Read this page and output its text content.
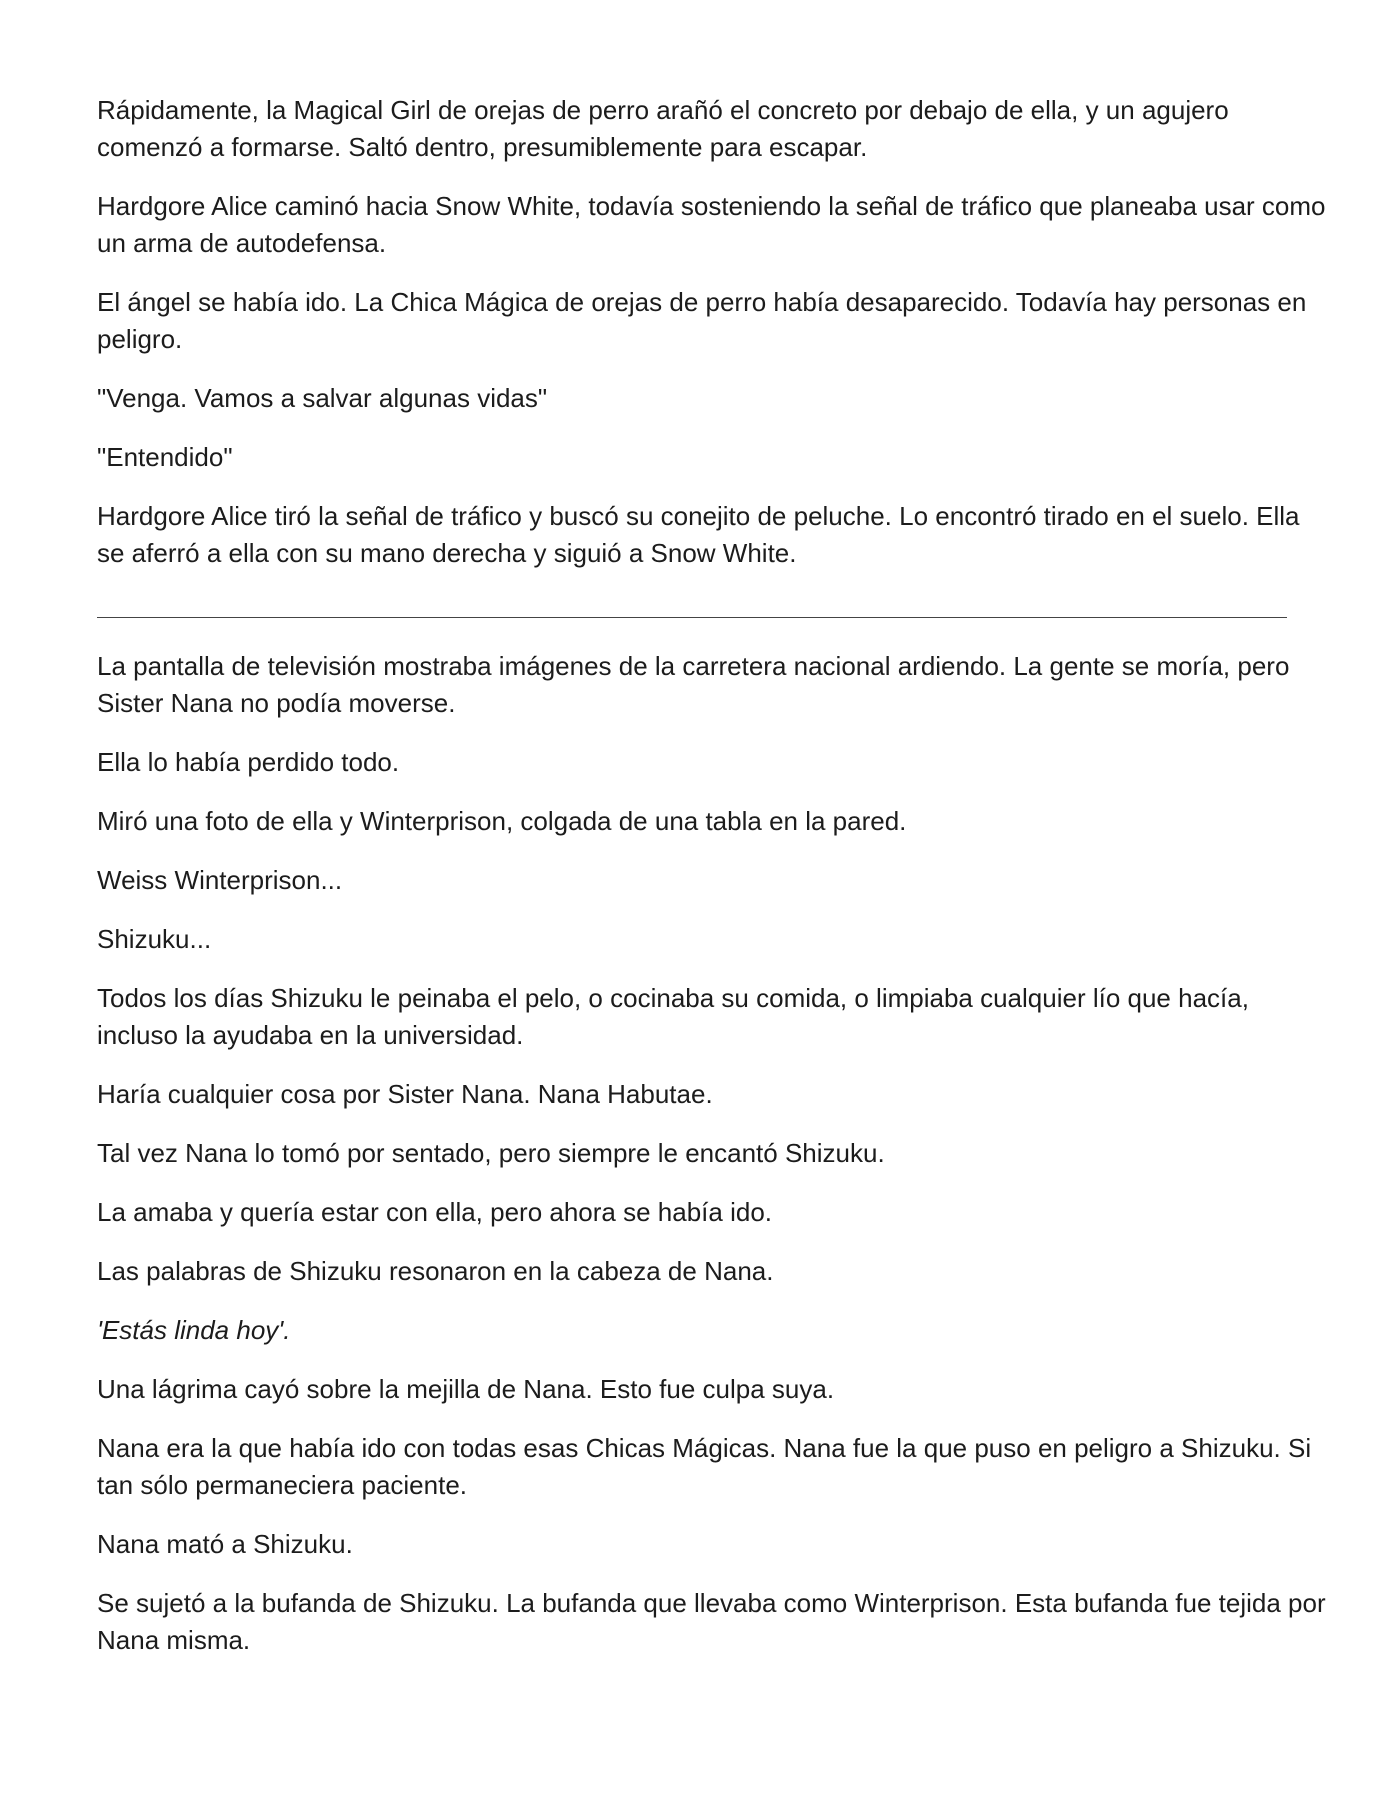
Rápidamente, la Magical Girl de orejas de perro arañó el concreto por debajo de ella, y un agujero comenzó a formarse. Saltó dentro, presumiblemente para escapar.

Hardgore Alice caminó hacia Snow White, todavía sosteniendo la señal de tráfico que planeaba usar como un arma de autodefensa.

El ángel se había ido. La Chica Mágica de orejas de perro había desaparecido. Todavía hay personas en peligro.

"Venga. Vamos a salvar algunas vidas"

"Entendido"

Hardgore Alice tiró la señal de tráfico y buscó su conejito de peluche. Lo encontró tirado en el suelo. Ella se aferró a ella con su mano derecha y siguió a Snow White.

La pantalla de televisión mostraba imágenes de la carretera nacional ardiendo. La gente se moría, pero Sister Nana no podía moverse.

Ella lo había perdido todo.

Miró una foto de ella y Winterprison, colgada de una tabla en la pared.

Weiss Winterprison...

Shizuku...

Todos los días Shizuku le peinaba el pelo, o cocinaba su comida, o limpiaba cualquier lío que hacía, incluso la ayudaba en la universidad.

Haría cualquier cosa por Sister Nana. Nana Habutae.

Tal vez Nana lo tomó por sentado, pero siempre le encantó Shizuku.

La amaba y quería estar con ella, pero ahora se había ido.

Las palabras de Shizuku resonaron en la cabeza de Nana.

'Estás linda hoy'.

Una lágrima cayó sobre la mejilla de Nana. Esto fue culpa suya.

Nana era la que había ido con todas esas Chicas Mágicas. Nana fue la que puso en peligro a Shizuku. Si tan sólo permaneciera paciente.

Nana mató a Shizuku.

Se sujetó a la bufanda de Shizuku. La bufanda que llevaba como Winterprison. Esta bufanda fue tejida por Nana misma.
